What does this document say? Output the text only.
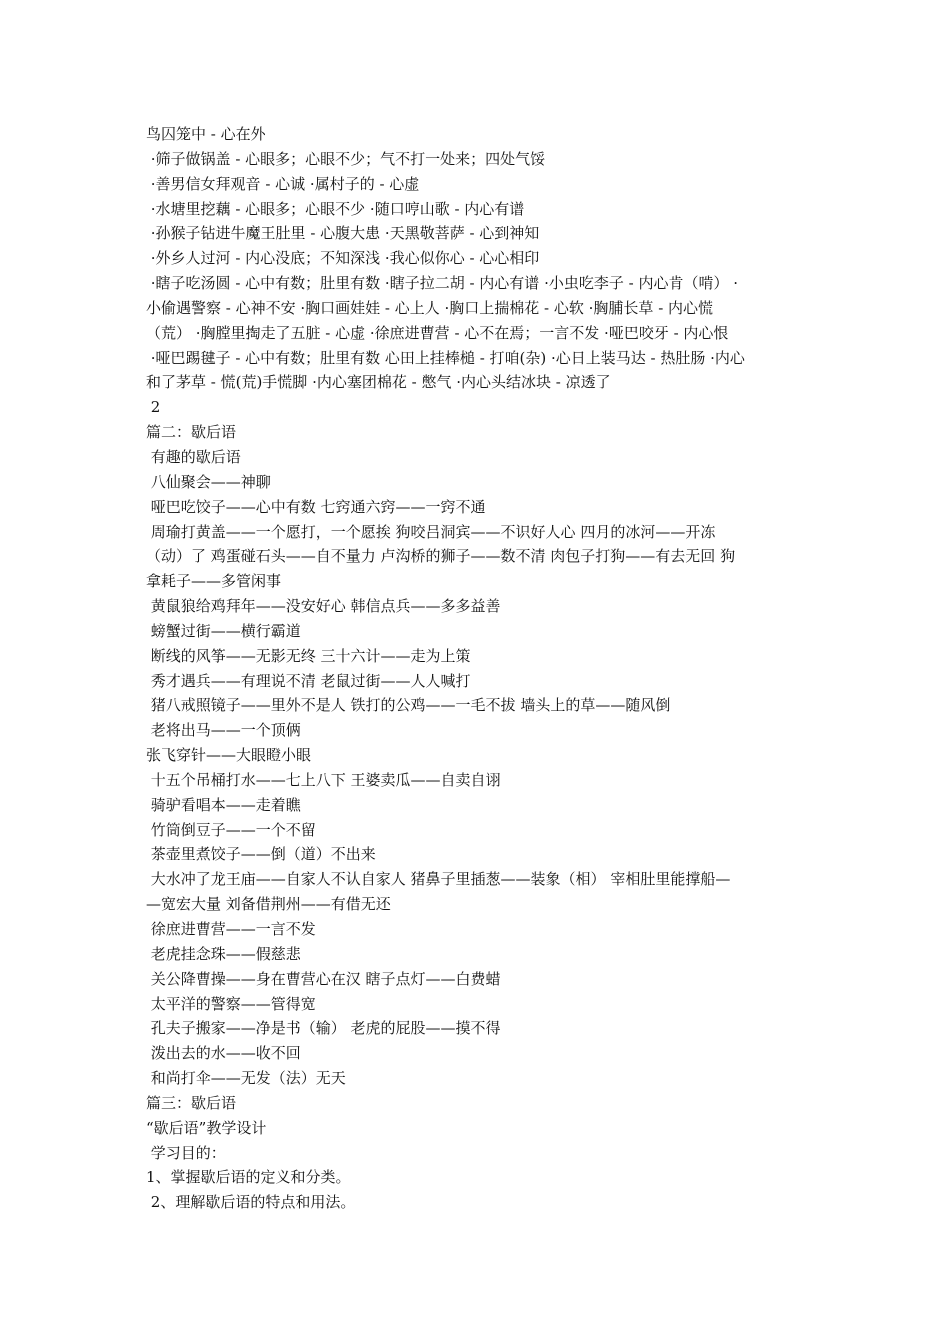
鸟囚笼中 - 心在外

·筛子做锅盖 - 心眼多；心眼不少；气不打一处来；四处气馁

·善男信女拜观音 - 心诚 ·属村子的 - 心虚

·水塘里挖藕 - 心眼多；心眼不少 ·随口哼山歌 - 内心有谱

·孙猴子钻进牛魔王肚里 - 心腹大患 ·天黑敬菩萨 - 心到神知

·外乡人过河 - 内心没底；不知深浅 ·我心似你心 - 心心相印

·瞎子吃汤圆 - 心中有数；肚里有数 ·瞎子拉二胡 - 内心有谱 ·小虫吃李子 - 内心肯（啃） ·

小偷遇警察 - 心神不安 ·胸口画娃娃 - 心上人 ·胸口上揣棉花 - 心软 ·胸脯长草 - 内心慌

（荒） ·胸膛里掏走了五脏 - 心虚 ·徐庶进曹营 - 心不在焉；一言不发 ·哑巴咬牙 - 内心恨

·哑巴踢毽子 - 心中有数；肚里有数 心田上挂棒槌 - 打咱(杂) ·心日上装马达 - 热肚肠 ·内心

和了茅草 - 慌(荒)手慌脚 ·内心塞团棉花 - 憋气 ·内心头结冰块 - 凉透了

2

篇二：歇后语

有趣的歇后语

八仙聚会——神聊

哑巴吃饺子——心中有数 七窍通六窍——一窍不通

周瑜打黄盖——一个愿打，一个愿挨 狗咬吕洞宾——不识好人心 四月的冰河——开冻

（动）了 鸡蛋碰石头——自不量力 卢沟桥的狮子——数不清 肉包子打狗——有去无回 狗

拿耗子——多管闲事

黄鼠狼给鸡拜年——没安好心 韩信点兵——多多益善

螃蟹过街——横行霸道

断线的风筝——无影无终 三十六计——走为上策

秀才遇兵——有理说不清 老鼠过街——人人喊打

猪八戒照镜子——里外不是人 铁打的公鸡——一毛不拔 墙头上的草——随风倒

老将出马——一个顶俩

张飞穿针——大眼瞪小眼

十五个吊桶打水——七上八下 王婆卖瓜——自卖自诩

骑驴看唱本——走着瞧

竹筒倒豆子——一个不留

茶壶里煮饺子——倒（道）不出来

大水冲了龙王庙——自家人不认自家人 猪鼻子里插葱——装象（相） 宰相肚里能撑船—

—宽宏大量 刘备借荆州——有借无还

徐庶进曹营——一言不发

老虎挂念珠——假慈悲

关公降曹操——身在曹营心在汉 瞎子点灯——白费蜡

太平洋的警察——管得宽

孔夫子搬家——净是书（输） 老虎的屁股——摸不得

泼出去的水——收不回

和尚打伞——无发（法）无天

篇三：歇后语

“歇后语”教学设计

学习目的：

1、掌握歇后语的定义和分类。

2、理解歇后语的特点和用法。
